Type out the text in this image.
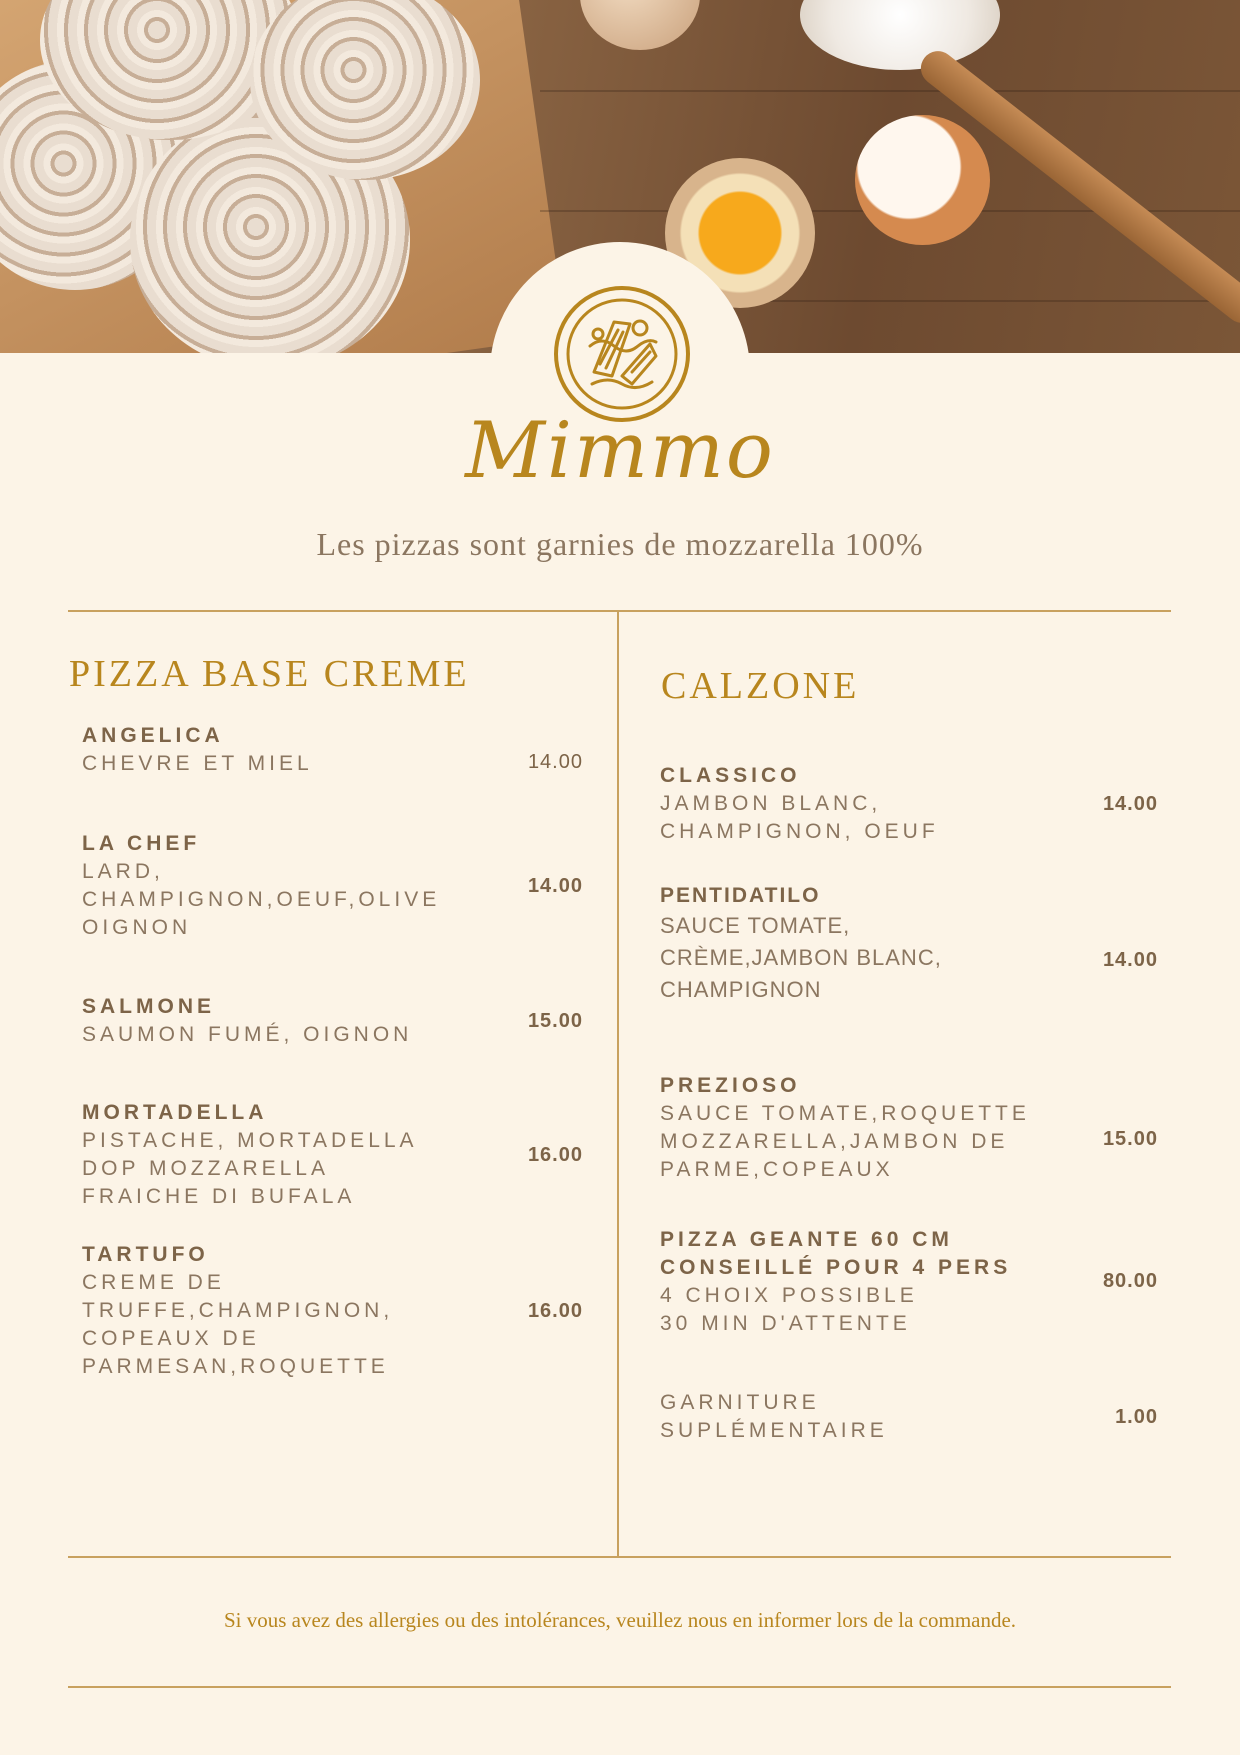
Mimmo
Les pizzas sont garnies de mozzarella 100%
PIZZA BASE CREME
ANGELICA
CHEVRE ET MIEL	14.00
LA CHEF
LARD,
CHAMPIGNON,OEUF,OLIVE
OIGNON
14.00
SALMONE
SAUMON FUMÉ, OIGNON
15.00
MORTADELLA
PISTACHE, MORTADELLA
DOP MOZZARELLA
FRAICHE DI BUFALA
16.00
TARTUFO
CREME DE
TRUFFE,CHAMPIGNON,
COPEAUX DE
PARMESAN,ROQUETTE
16.00
CALZONE
CLASSICO
JAMBON BLANC,
CHAMPIGNON, OEUF
14.00
PENTIDATILO
SAUCE TOMATE,
CRÈME,JAMBON BLANC,
CHAMPIGNON
14.00
PREZIOSO
SAUCE TOMATE,ROQUETTE
MOZZARELLA,JAMBON DE
PARME,COPEAUX
15.00
PIZZA GEANTE 60 CM
CONSEILLÉ POUR 4 PERS
4 CHOIX POSSIBLE
30 MIN D'ATTENTE
80.00
GARNITURE
SUPLÉMENTAIRE
1.00
Si vous avez des allergies ou des intolérances, veuillez nous en informer lors de la commande.
